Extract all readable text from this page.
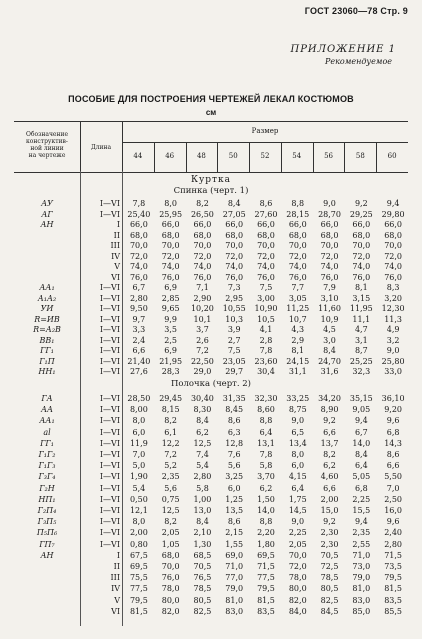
ГОСТ 23060—78 Стр. 9
ПРИЛОЖЕНИЕ 1
Рекомендуемое
ПОСОБИЕ ДЛЯ ПОСТРОЕНИЯ ЧЕРТЕЖЕЙ ЛЕКАЛ КОСТЮМОВ
см
Обозначение
конструктив-
ной линии
на чертеже
Длина
Размер
44	46	48	50	52	54	56	58	60
Куртка
Спинка (черт. 1)
АУ	I—VI	7,8	8,0	8,2	8,4	8,6	8,8	9,0	9,2	9,4
АГ	I—VI 25,40	25,95	26,50	27,05	27,60	28,15	28,70	29,25	29,80
АН	I	66,0	66,0	66,0	66,0	66,0	66,0	66,0	66,0	66,0
II	68,0	68,0	68,0	68,0	68,0	68,0	68,0	68,0	68,0
III	70,0	70,0	70,0	70,0	70,0	70,0	70,0	70,0	70,0
IV	72,0	72,0	72,0	72,0	72,0	72,0	72,0	72,0	72,0
V	74,0	74,0	74,0	74,0	74,0	74,0	74,0	74,0	74,0
VI	76,0	76,0	76,0	76,0	76,0	76,0	76,0	76,0	76,0
АА₁	I—VI	6,7	6,9	7,1	7,3	7,5	7,7	7,9	8,1	8,3
А₁А₂	I—VI	2,80	2,85	2,90	2,95	3,00	3,05	3,10	3,15	3,20
УИ	I—VI	9,50	9,65	10,20	10,55	10,90	11,25	11,60	11,95	12,30
R=ИВ	I—VI	9,7	9,9	10,1	10,3	10,5	10,7	10,9	11,1	11,3
R=А₂В	I—VI	3,3	3,5	3,7	3,9	4,1	4,3	4,5	4,7	4,9
ВВ₁	I—VI	2,4	2,5	2,6	2,7	2,8	2,9	3,0	3,1	3,2
ГГ₁	I—VI	6,6	6,9	7,2	7,5	7,8	8,1	8,4	8,7	9,0
Г₁П	I—VI 21,40	21,95	22,50	23,05	23,60	24,15	24,70	25,25	25,80
НН₁	I—VI	27,6	28,3	29,0	29,7	30,4	31,1	31,6	32,3	33,0
Полочка (черт. 2)
ГА	I—VI 28,50	29,45	30,40	31,35	32,30	33,25	34,20	35,15	36,10
АА	I—VI	8,00	8,15	8,30	8,45	8,60	8,75	8,90	9,05	9,20
АА₁	I—VI	8,0	8,2	8,4	8,6	8,8	9,0	9,2	9,4	9,6
аl	I—VI	6,0	6,1	6,2	6,3	6,4	6,5	6,6	6,7	6,8
ГГ₁	I—VI	11,9	12,2	12,5	12,8	13,1	13,4	13,7	14,0	14,3
Г₁Г₂	I—VI	7,0	7,2	7,4	7,6	7,8	8,0	8,2	8,4	8,6
Г₁Г₃	I—VI	5,0	5,2	5,4	5,6	5,8	6,0	6,2	6,4	6,6
Г₃Г₄	I—VI	1,90	2,35	2,80	3,25	3,70	4,15	4,60	5,05	5,50
Г₂Н	I—VI	5,4	5,6	5,8	6,0	6,2	6,4	6,6	6,8	7,0
НП₁	I—VI	0,50	0,75	1,00	1,25	1,50	1,75	2,00	2,25	2,50
Г₂П₄	I—VI	12,1	12,5	13,0	13,5	14,0	14,5	15,0	15,5	16,0
Г₃П₅	I—VI	8,0	8,2	8,4	8,6	8,8	9,0	9,2	9,4	9,6
П₅П₆	I—VI	2,00	2,05	2,10	2,15	2,20	2,25	2,30	2,35	2,40
ГП₇	I—VI	0,80	1,05	1,30	1,55	1,80	2,05	2,30	2,55	2,80
АН	I	67,5	68,0	68,5	69,0	69,5	70,0	70,5	71,0	71,5
II	69,5	70,0	70,5	71,0	71,5	72,0	72,5	73,0	73,5
III	75,5	76,0	76,5	77,0	77,5	78,0	78,5	79,0	79,5
IV	77,5	78,0	78,5	79,0	79,5	80,0	80,5	81,0	81,5
V	79,5	80,0	80,5	81,0	81,5	82,0	82,5	83,0	83,5
VI	81,5	82,0	82,5	83,0	83,5	84,0	84,5	85,0	85,5
